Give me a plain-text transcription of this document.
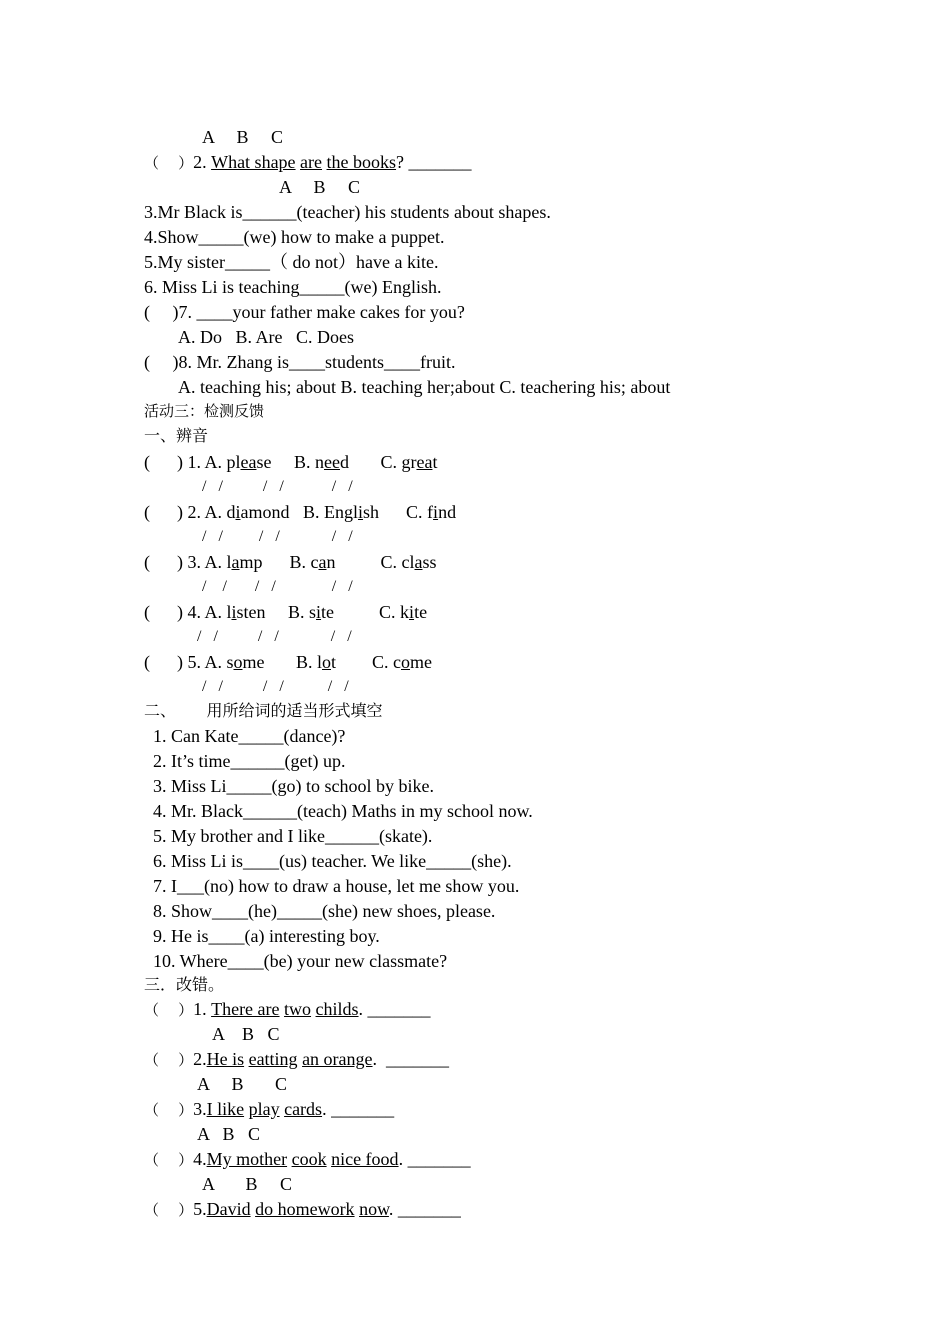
A     B     C
（    ）2. What shape are the books? _______
A     B     C
3.Mr Black is______(teacher) his students about shapes.
4.Show_____(we) how to make a puppet.
5.My sister_____（ do not）have a kite.
6. Miss Li is teaching_____(we) English.
(     )7. ____your father make cakes for you?
A. Do   B. Are   C. Does
(     )8. Mr. Zhang is____students____fruit.
A. teaching his; about B. teaching her;about C. teachering his; about
活动三：检测反馈
一、辨音
(      ) 1. A. please     B. need       C. great
/   /          /   /            /   /
(      ) 2. A. diamond   B. English      C. find
/   /         /   /             /   /
(      ) 3. A. lamp      B. can          C. class
/    /       /   /              /   /
(      ) 4. A. listen     B. site          C. kite
/   /          /   /             /   /
(      ) 5. A. some       B. lot        C. come
/   /          /   /           /   /
二、      用所给词的适当形式填空
1. Can Kate_____(dance)?
2. It’s time______(get) up.
3. Miss Li_____(go) to school by bike.
4. Mr. Black______(teach) Maths in my school now.
5. My brother and I like______(skate).
6. Miss Li is____(us) teacher. We like_____(she).
7. I___(no) how to draw a house, let me show you.
8. Show____(he)_____(she) new shoes, please.
9. He is____(a) interesting boy.
10. Where____(be) your new classmate?
三．改错。
（    ）1. There are two childs. _______
A    B   C
（    ）2.He is eatting an orange.  _______
A     B       C
（    ）3.I like play cards. _______
A   B   C
（    ）4.My mother cook nice food. _______
A       B     C
（    ）5.David do homework now. _______
